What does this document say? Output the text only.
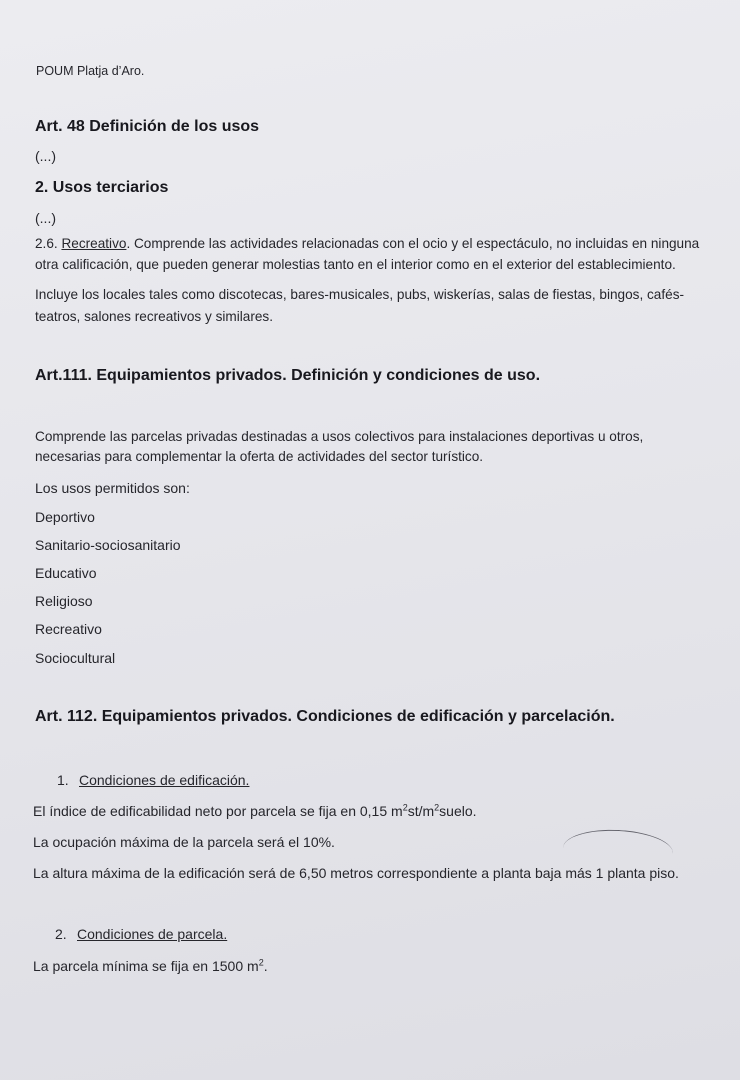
POUM Platja d’Aro.
Art. 48 Definición de los usos
(...)
2. Usos terciarios
(...)
2.6. Recreativo. Comprende las actividades relacionadas con el ocio y el espectáculo, no incluidas en ninguna
otra calificación, que pueden generar molestias tanto en el interior como en el exterior del establecimiento.
Incluye los locales tales como discotecas, bares-musicales, pubs, wiskerías, salas de fiestas, bingos, cafés-
teatros, salones recreativos y similares.
Art.111. Equipamientos privados. Definición y condiciones de uso.
Comprende las parcelas privadas destinadas a usos colectivos para instalaciones deportivas u otros,
necesarias para complementar la oferta de actividades del sector turístico.
Los usos permitidos son:
Deportivo
Sanitario-sociosanitario
Educativo
Religioso
Recreativo
Sociocultural
Art. 112. Equipamientos privados. Condiciones de edificación y parcelación.
1. Condiciones de edificación.
El índice de edificabilidad neto por parcela se fija en 0,15 $m^2st/m^2suelo$.
La ocupación máxima de la parcela será el 10%.
La altura máxima de la edificación será de 6,50 metros correspondiente a planta baja más 1 planta piso.
2. Condiciones de parcela.
La parcela mínima se fija en 1500 $m^2$.
